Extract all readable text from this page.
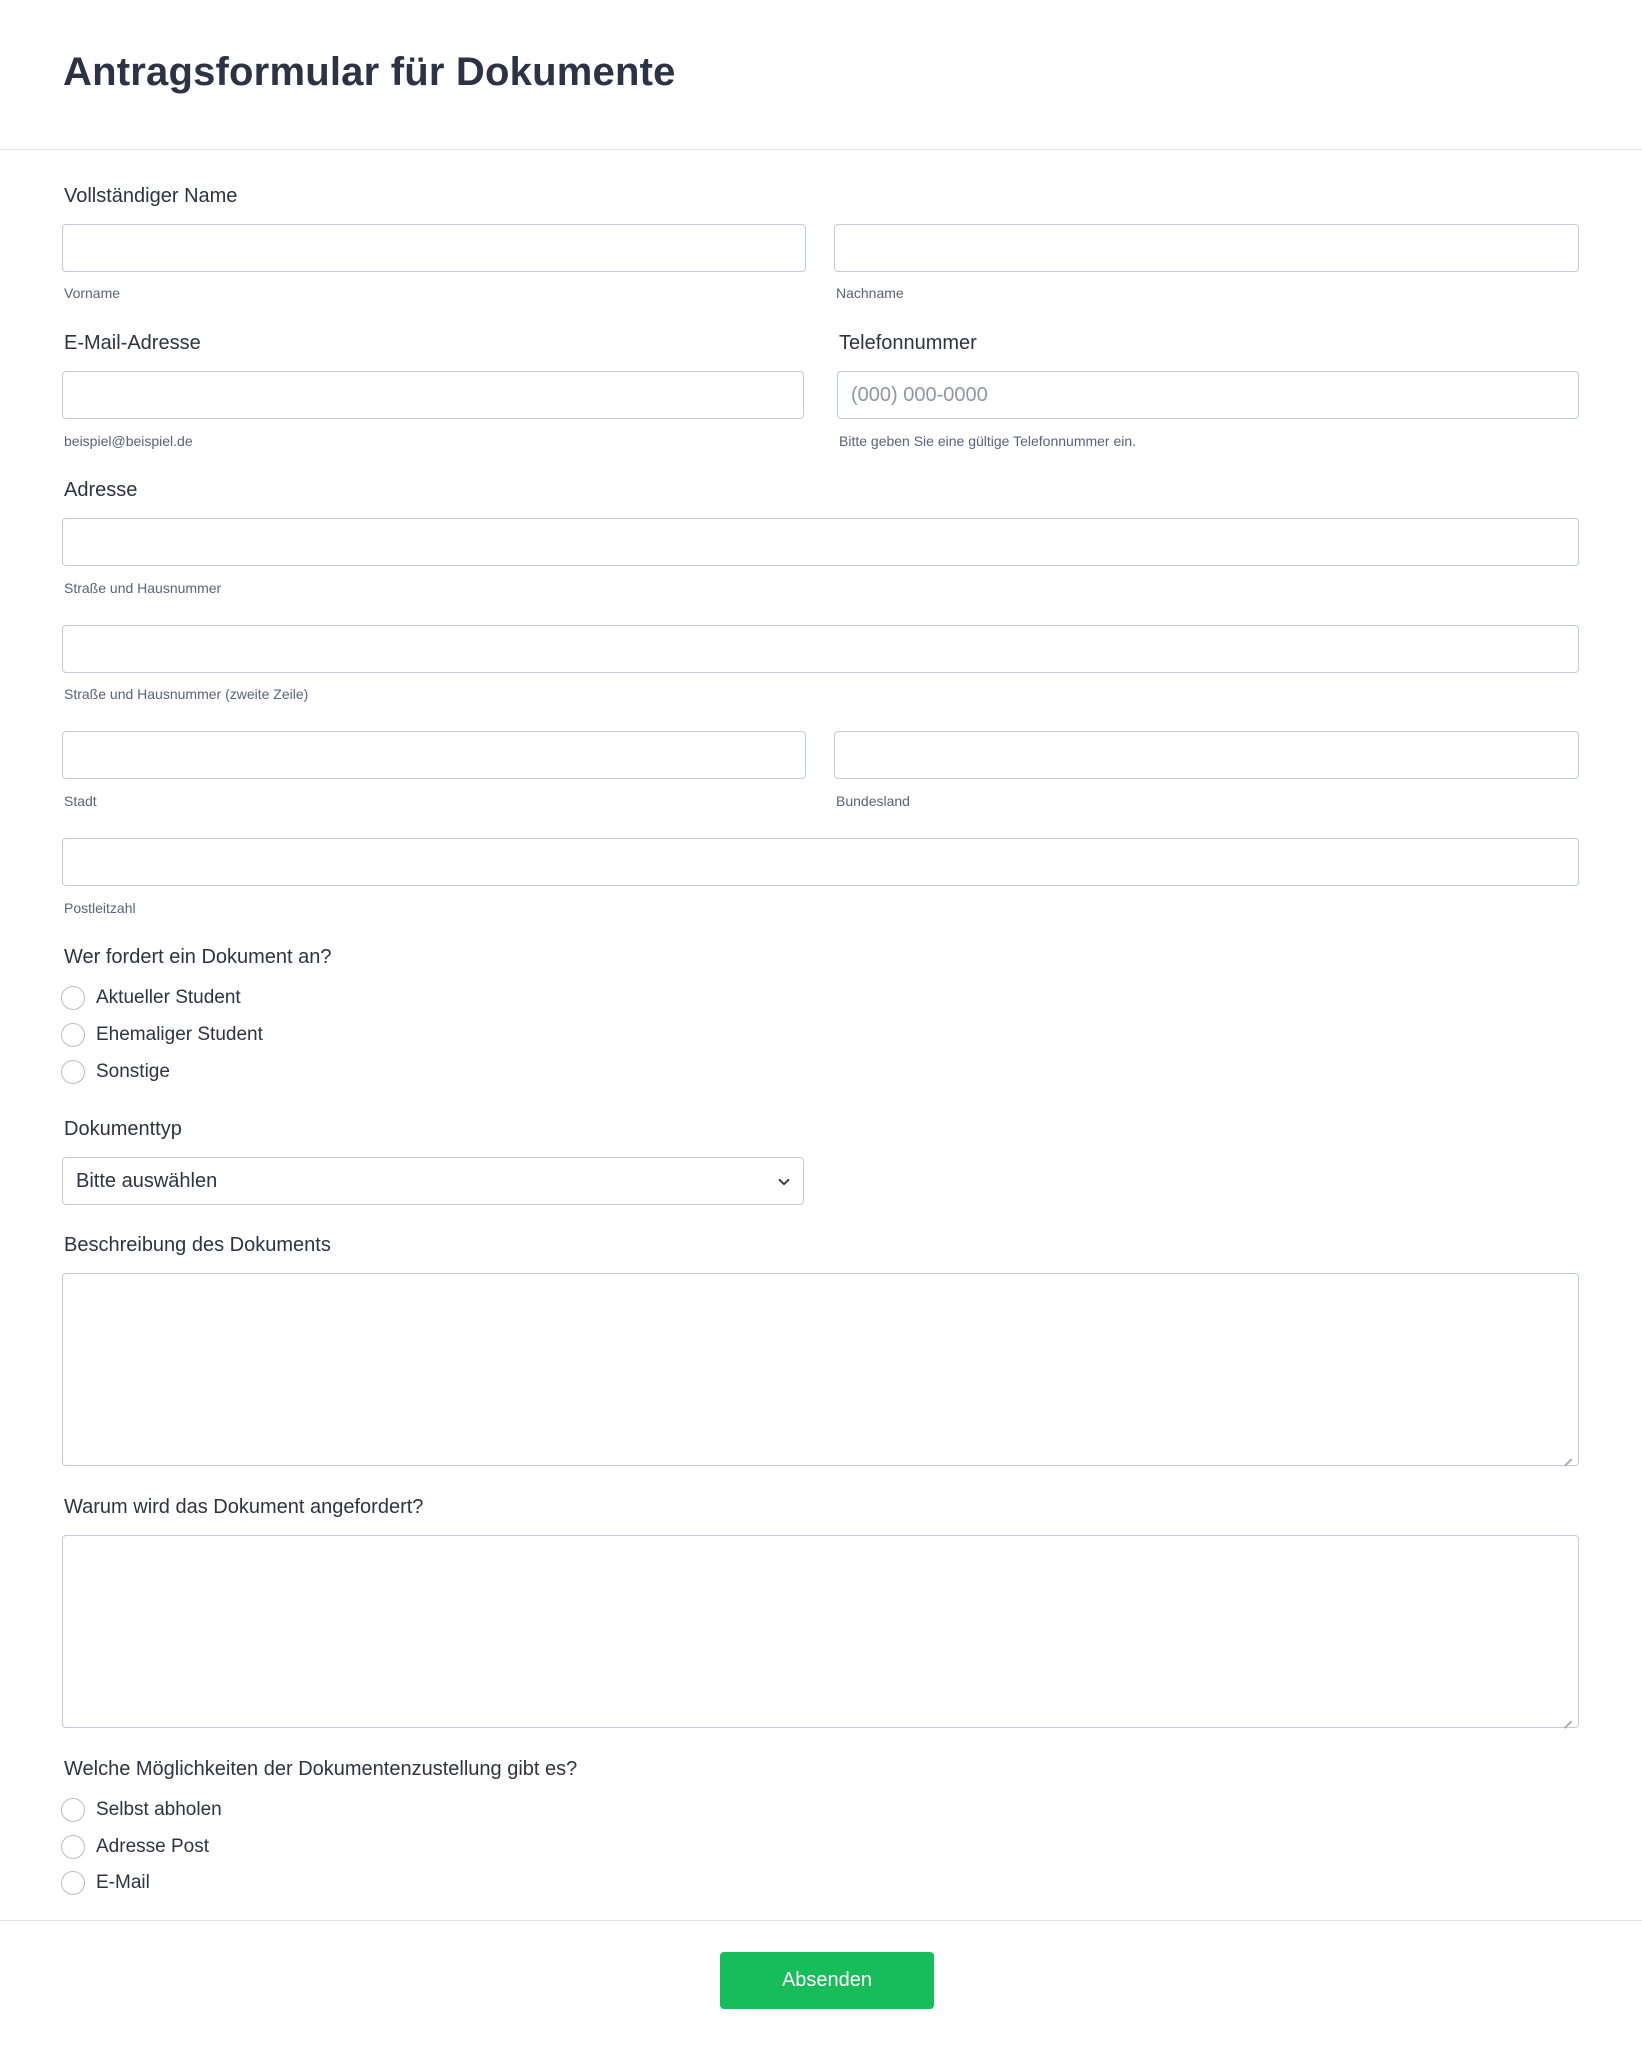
Antragsformular für Dokumente
Vollständiger Name
Vorname	Nachname
E-Mail-Adresse
beispiel@beispiel.de
Telefonnummer
(000) 000-0000
Bitte geben Sie eine gültige Telefonnummer ein.
Adresse
Straße und Hausnummer
Straße und Hausnummer (zweite Zeile)
Stadt	Bundesland
Postleitzahl
Wer fordert ein Dokument an?
Aktueller Student
Ehemaliger Student
Sonstige
Dokumenttyp
Bitte auswählen
Beschreibung des Dokuments
Warum wird das Dokument angefordert?
Welche Möglichkeiten der Dokumentenzustellung gibt es?
Selbst abholen
Adresse Post
E-Mail
Absenden
